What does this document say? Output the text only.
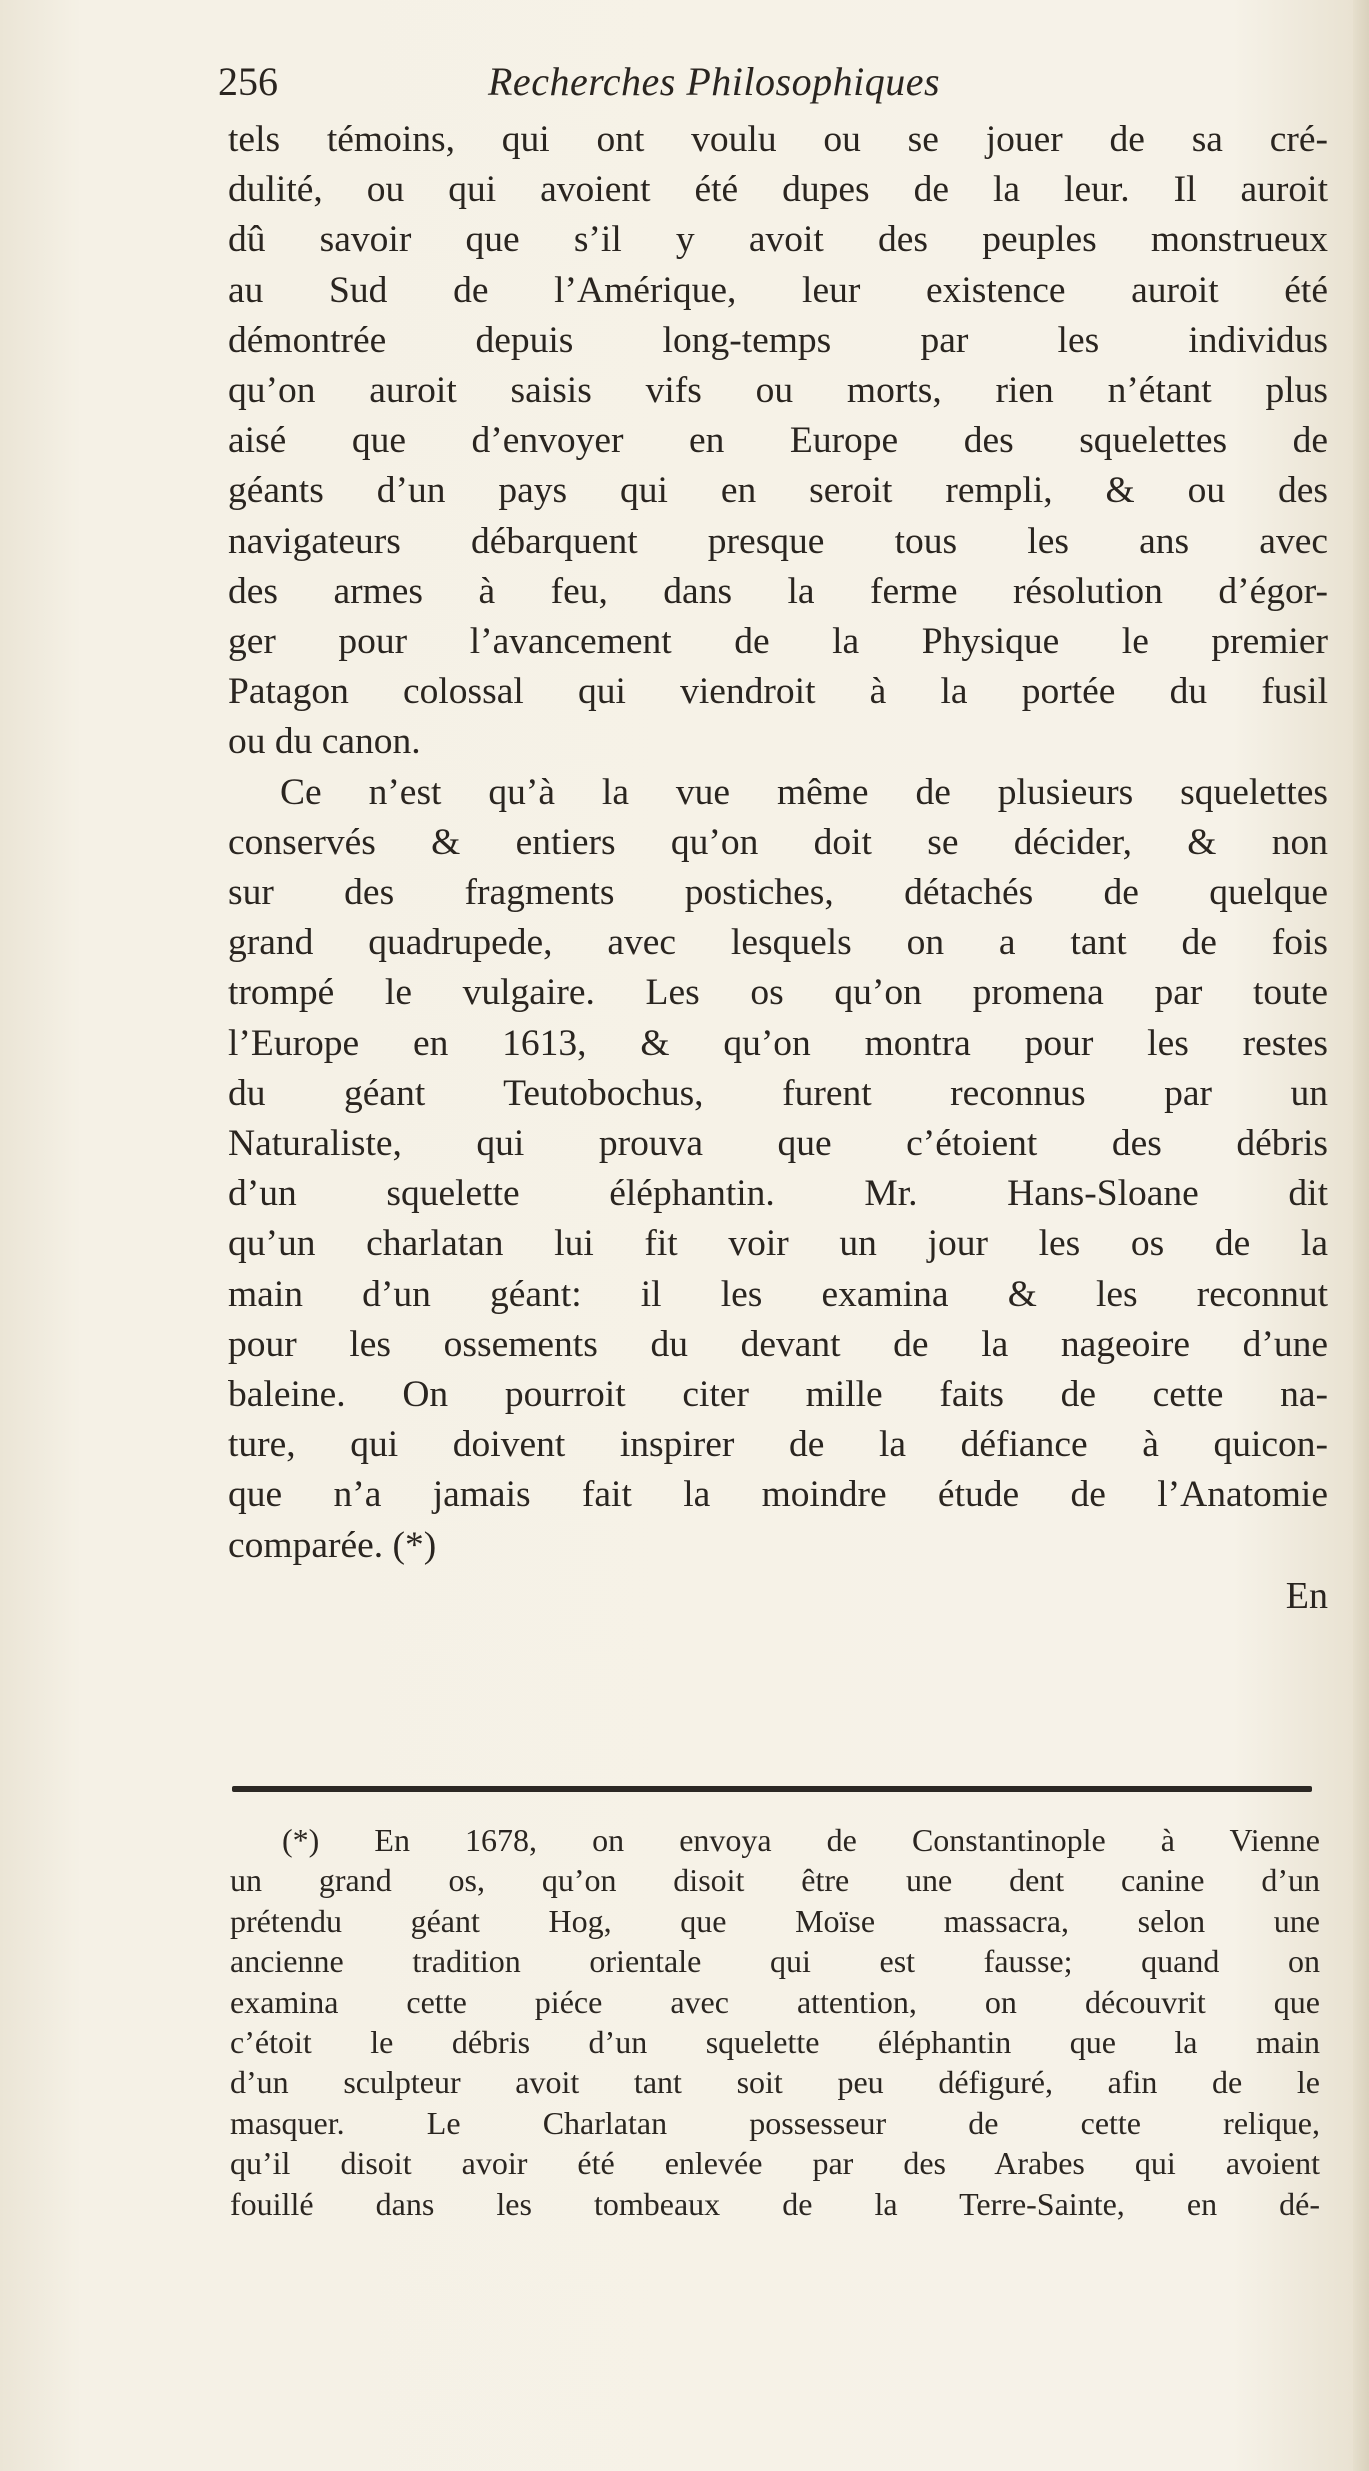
256	Recherches Philosophiques

tels témoins, qui ont voulu ou se jouer de sa cré-
dulité, ou qui avoient été dupes de la leur. Il auroit
dû savoir que s’il y avoit des peuples monstrueux
au Sud de l’Amérique, leur existence auroit été
démontrée depuis long-temps par les individus
qu’on auroit saisis vifs ou morts, rien n’étant plus
aisé que d’envoyer en Europe des squelettes de
géants d’un pays qui en seroit rempli, & ou des
navigateurs débarquent presque tous les ans avec
des armes à feu, dans la ferme résolution d’égor-
ger pour l’avancement de la Physique le premier
Patagon colossal qui viendroit à la portée du fusil
ou du canon.

Ce n’est qu’à la vue même de plusieurs squelettes
conservés & entiers qu’on doit se décider, & non
sur des fragments postiches, détachés de quelque
grand quadrupede, avec lesquels on a tant de fois
trompé le vulgaire. Les os qu’on promena par toute
l’Europe en 1613, & qu’on montra pour les restes
du géant Teutobochus, furent reconnus par un
Naturaliste, qui prouva que c’étoient des débris
d’un squelette éléphantin. Mr. Hans-Sloane dit
qu’un charlatan lui fit voir un jour les os de la
main d’un géant: il les examina & les reconnut
pour les ossements du devant de la nageoire d’une
baleine. On pourroit citer mille faits de cette na-
ture, qui doivent inspirer de la défiance à quicon-
que n’a jamais fait la moindre étude de l’Anatomie
comparée. (*)

En
(*) En 1678, on envoya de Constantinople à Vienne
un grand os, qu’on disoit être une dent canine d’un
prétendu géant Hog, que Moïse massacra, selon une
ancienne tradition orientale qui est fausse; quand on
examina cette piéce avec attention, on découvrit que
c’étoit le débris d’un squelette éléphantin que la main
d’un sculpteur avoit tant soit peu défiguré, afin de le
masquer. Le Charlatan possesseur de cette relique,
qu’il disoit avoir été enlevée par des Arabes qui avoient
fouillé dans les tombeaux de la Terre-Sainte, en dé-
